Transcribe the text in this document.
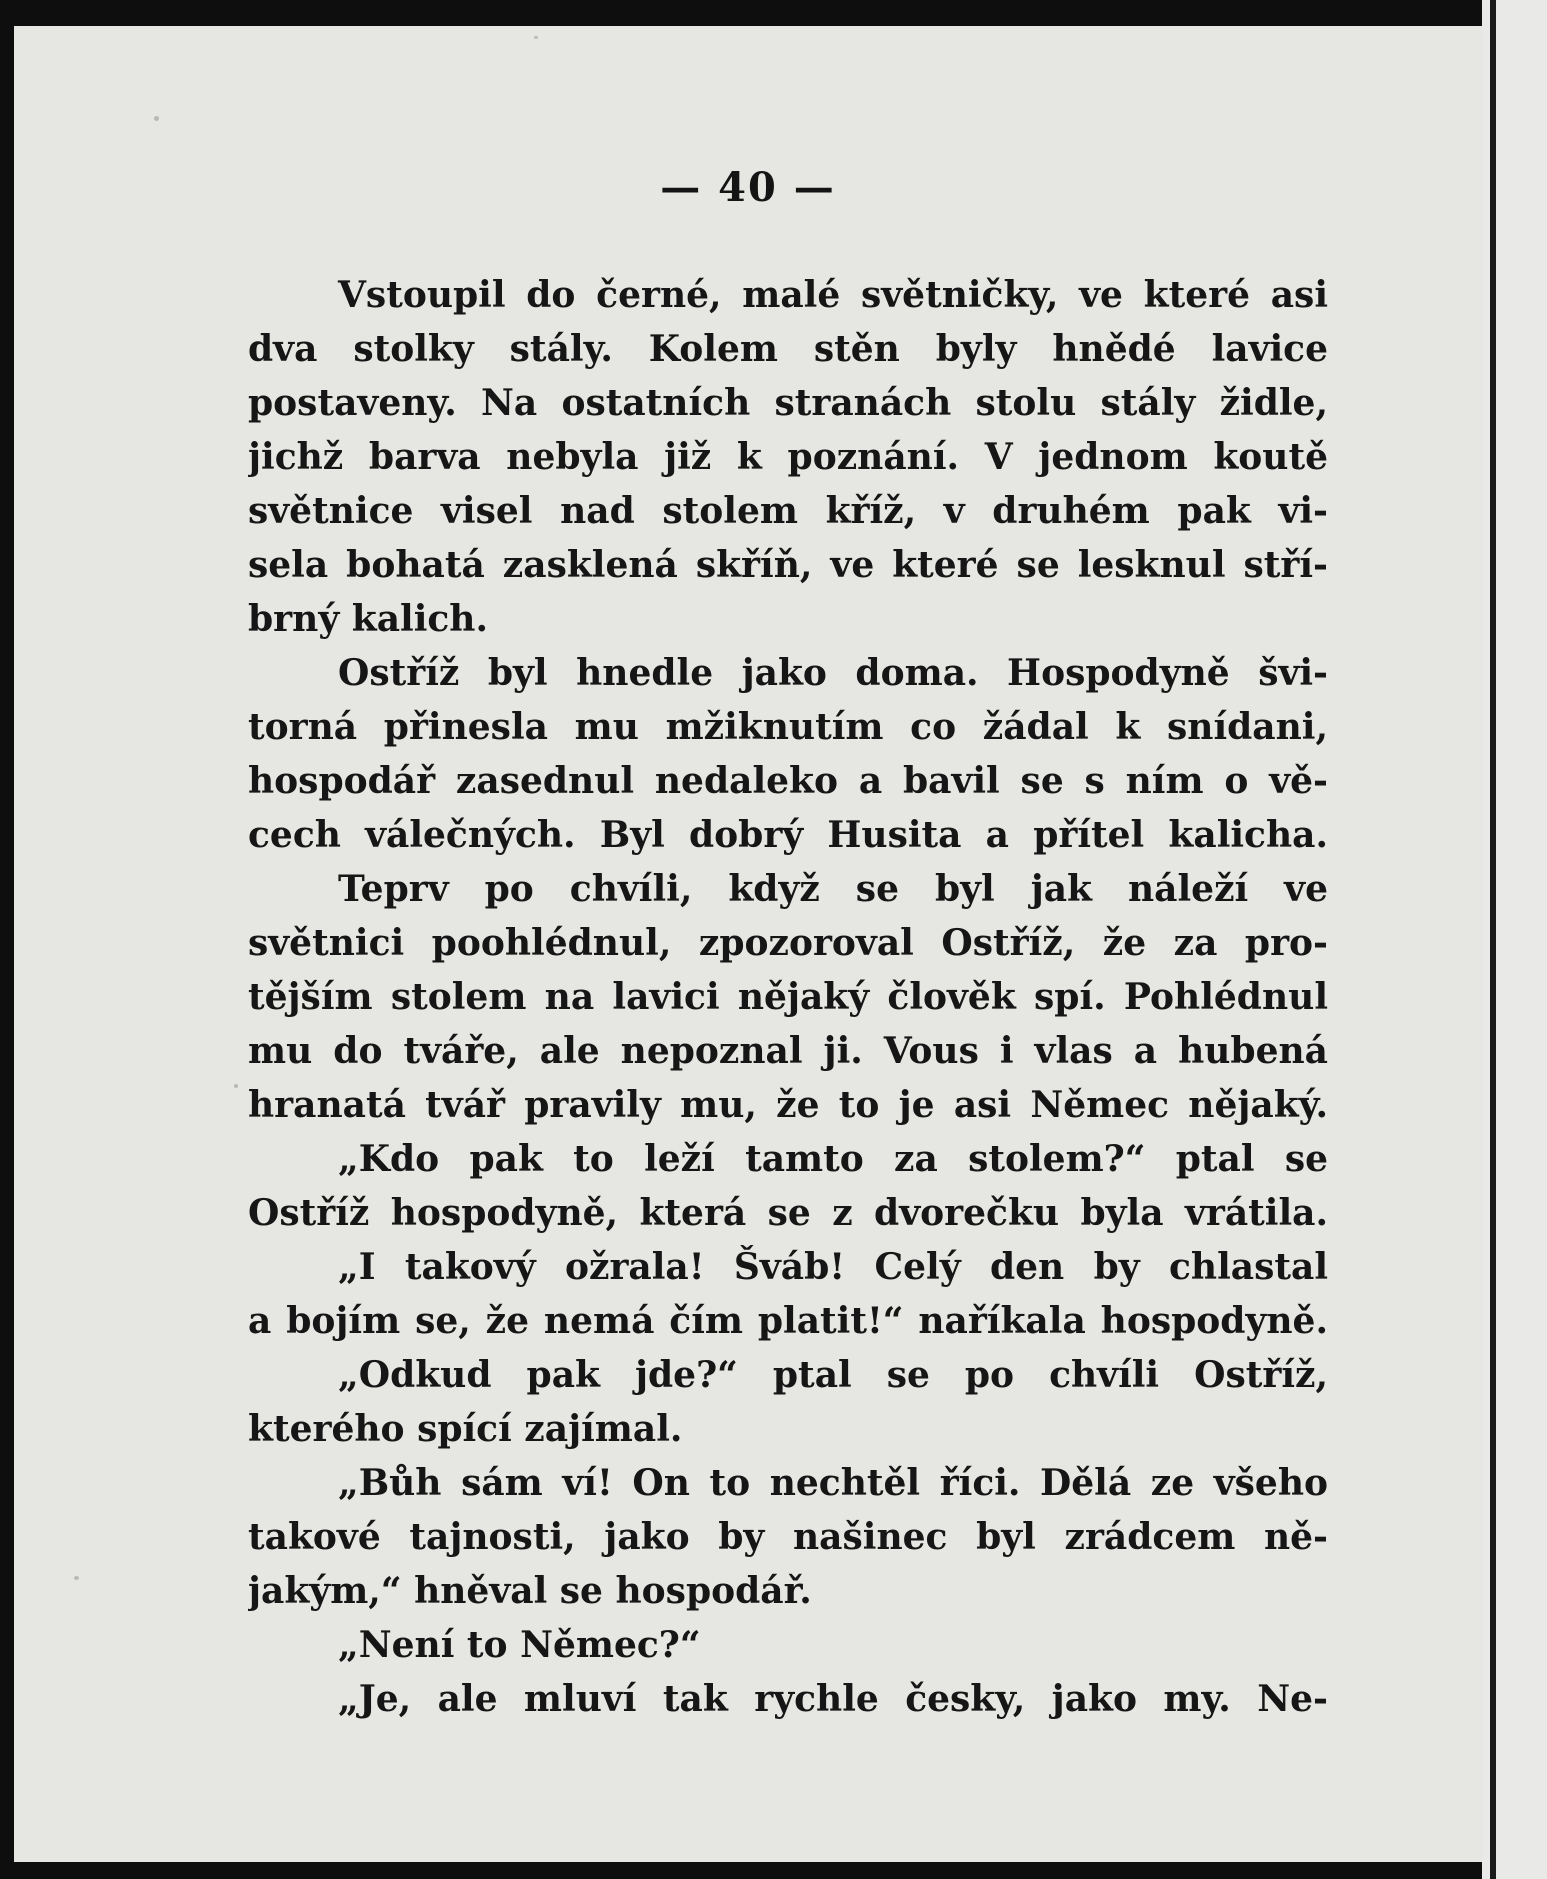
— 40 —
Vstoupil do černé, malé světničky, ve které asi
dva stolky stály. Kolem stěn byly hnědé lavice
postaveny. Na ostatních stranách stolu stály židle,
jichž barva nebyla již k poznání. V jednom koutě
světnice visel nad stolem kříž, v druhém pak vi-
sela bohatá zasklená skříň, ve které se lesknul stří-
brný kalich.
Ostříž byl hnedle jako doma. Hospodyně švi-
torná přinesla mu mžiknutím co žádal k snídani,
hospodář zasednul nedaleko a bavil se s ním o vě-
cech válečných. Byl dobrý Husita a přítel kalicha.
Teprv po chvíli, když se byl jak náleží ve
světnici poohlédnul, zpozoroval Ostříž, že za pro-
tějším stolem na lavici nějaký člověk spí. Pohlédnul
mu do tváře, ale nepoznal ji. Vous i vlas a hubená
hranatá tvář pravily mu, že to je asi Němec nějaký.
„Kdo pak to leží tamto za stolem?“ ptal se
Ostříž hospodyně, která se z dvorečku byla vrátila.
„I takový ožrala! Šváb! Celý den by chlastal
a bojím se, že nemá čím platit!“ naříkala hospodyně.
„Odkud pak jde?“ ptal se po chvíli Ostříž,
kterého spící zajímal.
„Bůh sám ví! On to nechtěl říci. Dělá ze všeho
takové tajnosti, jako by našinec byl zrádcem ně-
jakým,“ hněval se hospodář.
„Není to Němec?“
„Je, ale mluví tak rychle česky, jako my. Ne-
